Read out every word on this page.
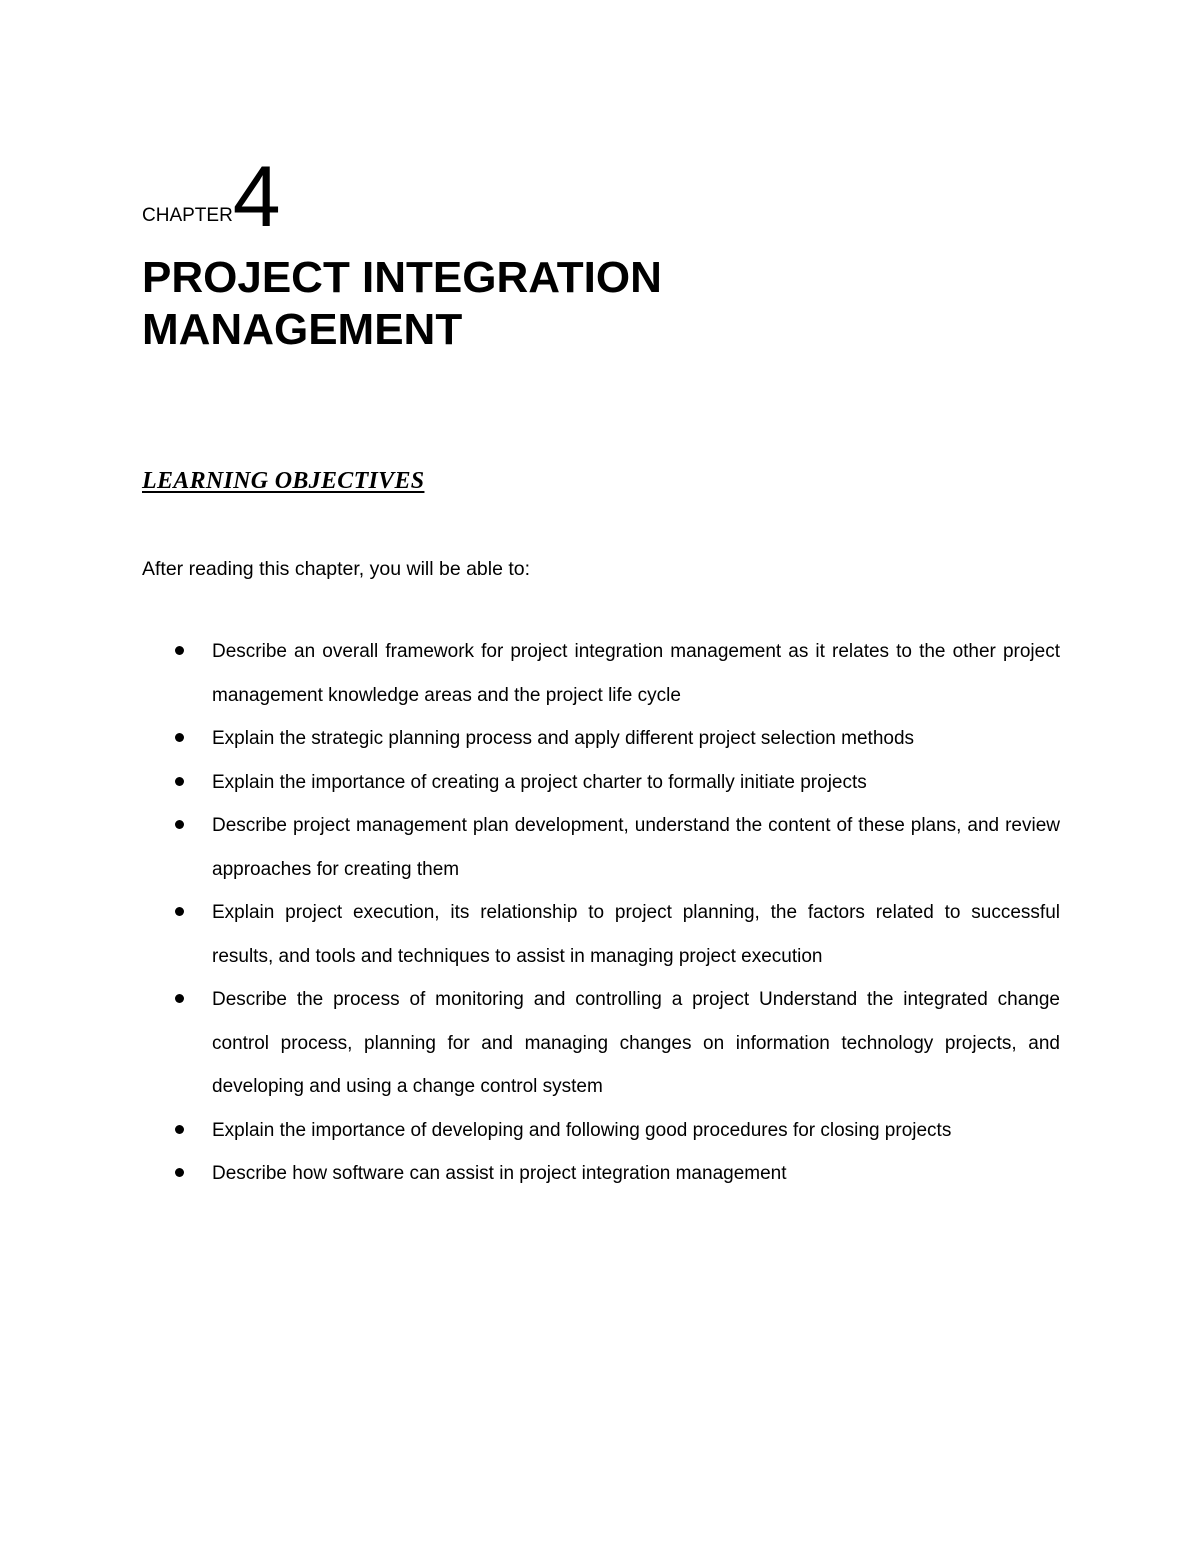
CHAPTER4
PROJECT INTEGRATION
MANAGEMENT
LEARNING OBJECTIVES

After reading this chapter, you will be able to:

Describe an overall framework for project integration management as it relates to the other project management knowledge areas and the project life cycle
Explain the strategic planning process and apply different project selection methods
Explain the importance of creating a project charter to formally initiate projects
Describe project management plan development, understand the content of these plans, and review approaches for creating them
Explain project execution, its relationship to project planning, the factors related to successful results, and tools and techniques to assist in managing project execution
Describe the process of monitoring and controlling a project Understand the integrated change control process, planning for and managing changes on information technology projects, and developing and using a change control system
Explain the importance of developing and following good procedures for closing projects
Describe how software can assist in project integration management
